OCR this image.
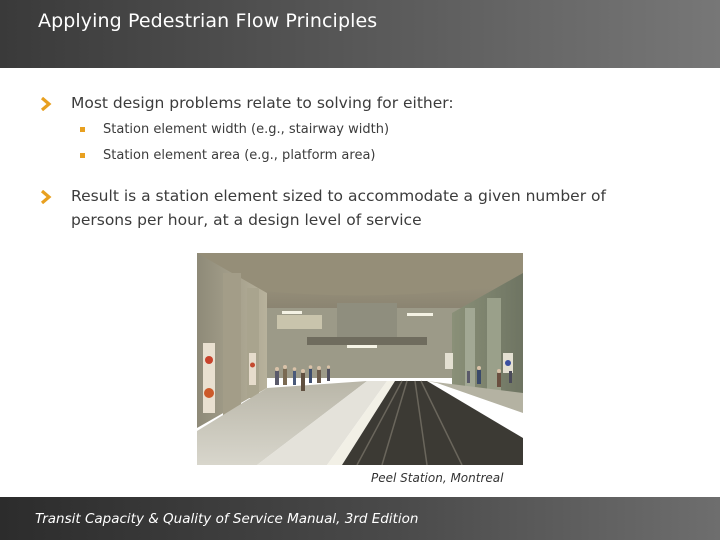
Applying Pedestrian Flow Principles
Most design problems relate to solving for either:
Station element width (e.g., stairway width)
Station element area (e.g., platform area)
Result is a station element sized to accommodate a given number of persons per hour, at a design level of service
Peel Station, Montreal
Transit Capacity & Quality of Service Manual, 3rd Edition
